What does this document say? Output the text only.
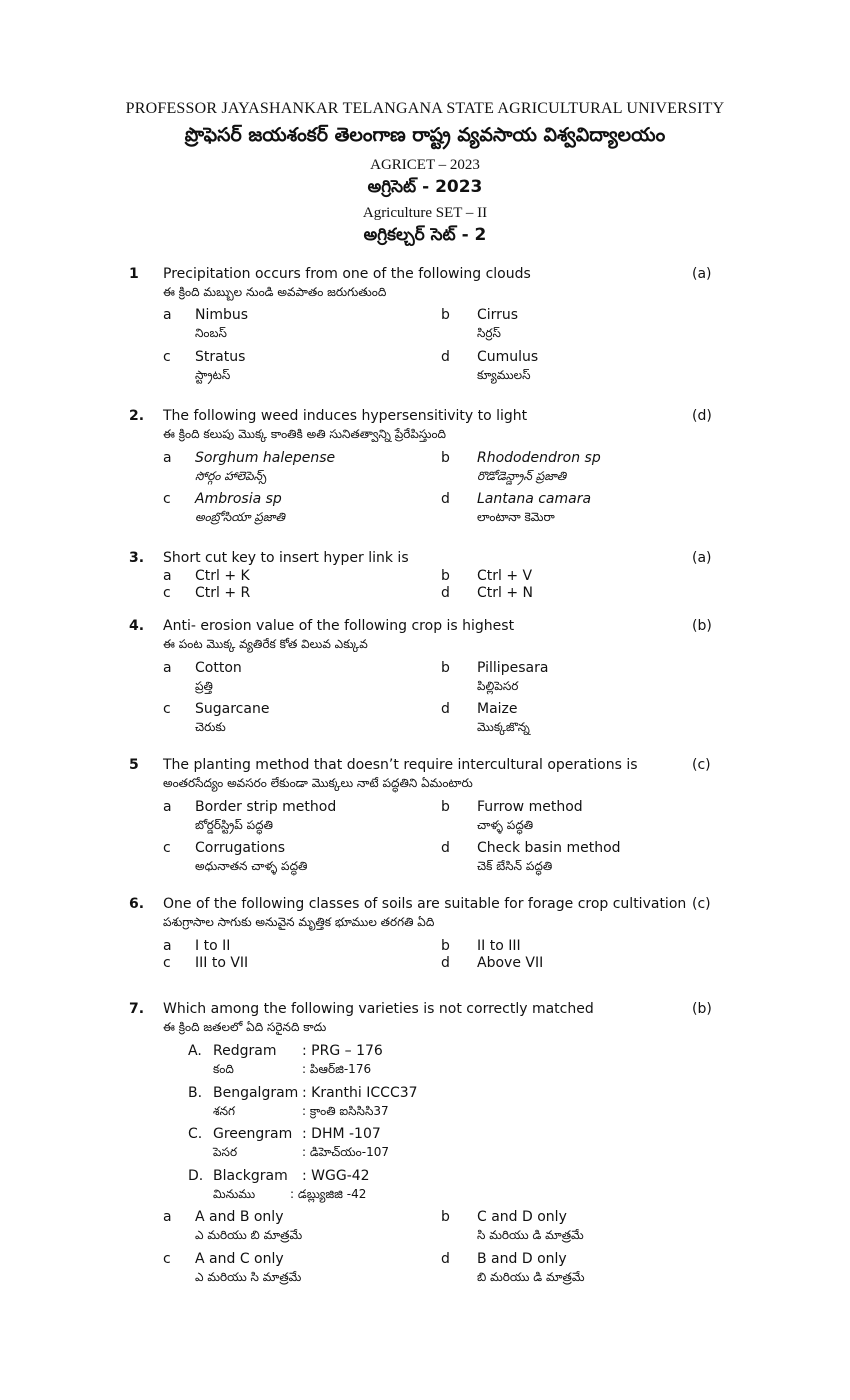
PROFESSOR JAYASHANKAR TELANGANA STATE AGRICULTURAL UNIVERSITY
ప్రొఫెసర్ జయశంకర్ తెలంగాణ రాష్ట్ర వ్యవసాయ విశ్వవిద్యాలయం
AGRICET – 2023
అగ్రిసెట్ - 2023
Agriculture SET – II
అగ్రికల్చర్ సెట్ - 2
1 Precipitation occurs from one of the following clouds	(a)
ఈ క్రింది మబ్బుల నుండి అవపాతం జరుగుతుంది
a Nimbus
నింబస్
b Cirrus
సిర్రస్
c Stratus
స్ట్రాటస్
d Cumulus
క్యూములస్
2. The following weed induces hypersensitivity to light	(d)
ఈ క్రింది కలుపు మొక్క కాంతికి అతి సునితత్వాన్ని ప్రేరేపిస్తుంది
a Sorghum halepense
సోర్గం హాలెపెన్స్
b Rhododendron sp
రొడోడెన్డ్రాన్ ప్రజాతి
c Ambrosia sp
అంబ్రోసియా ప్రజాతి
d Lantana camara
లాంటానా కెమెరా
3. Short cut key to insert hyper link is	(a)
a Ctrl + K	b Ctrl + V
c Ctrl + R	d Ctrl + N
4. Anti- erosion value of the following crop is highest	(b)
ఈ పంట మొక్క వ్యతిరేక కోత విలువ ఎక్కువ
a Cotton
ప్రత్తి
b Pillipesara
పిల్లిపెసర
c Sugarcane
చెరుకు
d Maize
మొక్కజొన్న
5 The planting method that doesn’t require intercultural operations is	(c)
అంతరసేద్యం అవసరం లేకుండా మొక్కలు నాటే పద్ధతిని ఏమంటారు
a Border strip method
బోర్డర్‌స్ట్రిప్ పద్ధతి
b Furrow method
చాళ్ళ పద్ధతి
c Corrugations
అధునాతన చాళ్ళ పద్ధతి
d Check basin method
చెక్ బేసిన్ పద్ధతి
6. One of the following classes of soils are suitable for forage crop cultivation (c)
పశుగ్రాసాల సాగుకు అనువైన మృత్తిక భూముల తరగతి ఏది
a I to II	b II to III
c III to VII	d Above VII
7. Which among the following varieties is not correctly matched	(b)
ఈ క్రింది జతలలో ఏది సరైనది కాదు
A. Redgram : PRG – 176
కంది	: పిఆర్‌జి-176
B. Bengalgram : Kranthi ICCC37
శనగ	: క్రాంతి ఐసిసిసి37
C. Greengram : DHM -107
పెసర	: డిహెచ్‌యం-107
D. Blackgram : WGG-42
మినుము	: డబ్ల్యుజిజి -42
a A and B only
ఎ మరియు బి మాత్రమే
b C and D only
సి మరియు డి మాత్రమే
c A and C only
ఎ మరియు సి మాత్రమే
d B and D only
బి మరియు డి మాత్రమే
